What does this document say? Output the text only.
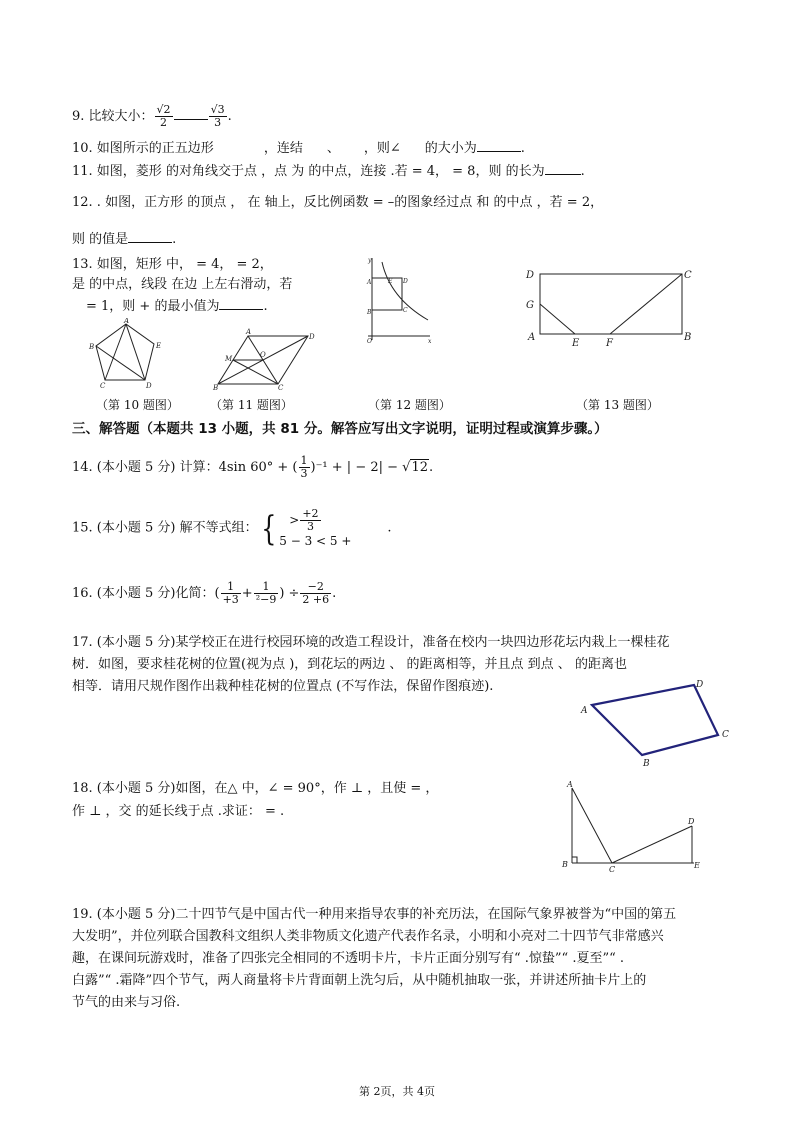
9. 比较大小： $\frac{√2}{2}$	$\frac{√3}{3}$ .
10. 如图所示的正五边形	，连结 、 ，则∠ 的大小为	.
11. 如图，菱形 的对角线交于点 ，点 为 的中点，连接 .若 = 4， = 8，则 的长为	.
12. . 如图，正方形 的顶点 ， 在 轴上，反比例函数 = –的图象经过点 和 的中点 ，若 = 2，
则 的值是	.
13. 如图，矩形 中， = 4， = 2，
是 的中点，线段 在边 上左右滑动，若
= 1，则 + 的最小值为	.
A
B	E
C	D
A
D
M	O
B	C
y
E D
A
B	C
O	x
D	C
G
A
E	F
B
（第 10 题图）	（第 11 题图）	（第 12 题图）	（第 13 题图）
三、解答题（本题共 13 小题，共 81 分。解答应写出文字说明，证明过程或演算步骤。）
14. (本小题 5 分) 计算：4sin 60° + ( $\frac{1}{3} )^{-1}$ + | − 2| − √12.
15. (本小题 5 分) 解不等式组：{	> $\frac{+2}{3}$
5 − 3 < 5 +
.
16. (本小题 5 分)化简：( $\frac{1}{+3} + \frac{1}{\text{²−9}}$ ) ÷ $\frac{-2}{2 +6}$ .
17. (本小题 5 分)某学校正在进行校园环境的改造工程设计，准备在校内一块四边形花坛内栽上一棵桂花
树．如图，要求桂花树的位置(视为点 )，到花坛的两边 、 的距离相等，并且点 到点 、 的距离也
相等．请用尺规作图作出栽种桂花树的位置点 (不写作法，保留作图痕迹).	D
A
C
B
18. (本小题 5 分)如图，在△ 中，∠ = 90°，作 ⊥ ，且使 = ，
作 ⊥ ，交 的延长线于点 .求证： = .
A
D
B
C	E
19. (本小题 5 分)二十四节气是中国古代一种用来指导农事的补充历法，在国际气象界被誉为“中国的第五
大发明”，并位列联合国教科文组织人类非物质文化遗产代表作名录，小明和小亮对二十四节气非常感兴
趣，在课间玩游戏时，准备了四张完全相同的不透明卡片，卡片正面分别写有“ .惊蛰”“ .夏至”“ .
白露”“ .霜降”四个节气，两人商量将卡片背面朝上洗匀后，从中随机抽取一张，并讲述所抽卡片上的
节气的由来与习俗.
第 2页，共 4页
